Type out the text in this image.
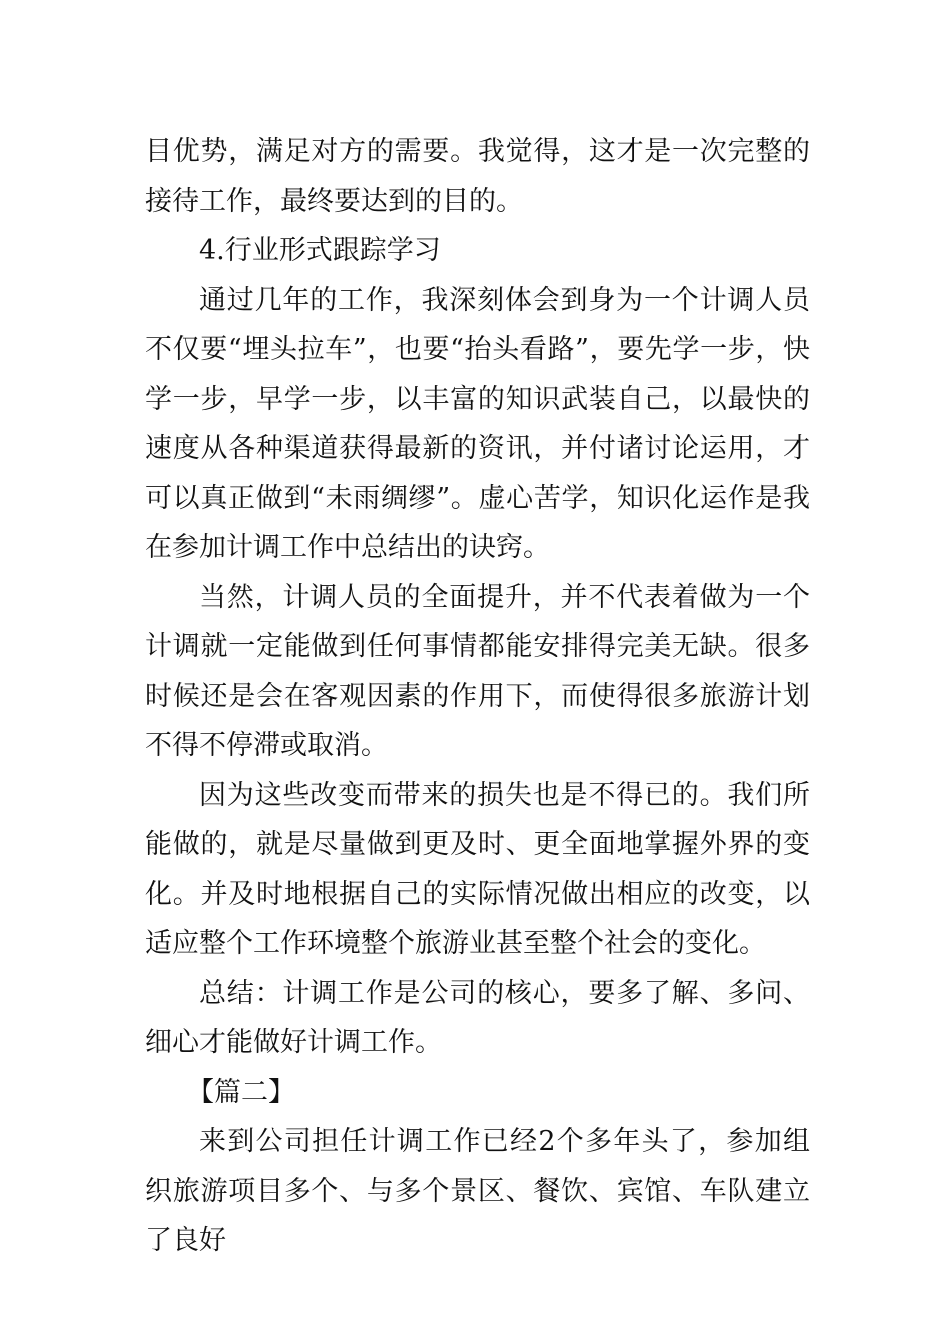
目优势，满足对方的需要。我觉得，这才是一次完整的接待工作，最终要达到的目的。

4.行业形式跟踪学习

通过几年的工作，我深刻体会到身为一个计调人员不仅要“埋头拉车”，也要“抬头看路”，要先学一步，快学一步，早学一步，以丰富的知识武装自己，以最快的速度从各种渠道获得最新的资讯，并付诸讨论运用，才可以真正做到“未雨绸缪”。虚心苦学，知识化运作是我在参加计调工作中总结出的诀窍。

当然，计调人员的全面提升，并不代表着做为一个计调就一定能做到任何事情都能安排得完美无缺。很多时候还是会在客观因素的作用下，而使得很多旅游计划不得不停滞或取消。

因为这些改变而带来的损失也是不得已的。我们所能做的，就是尽量做到更及时、更全面地掌握外界的变化。并及时地根据自己的实际情况做出相应的改变，以适应整个工作环境整个旅游业甚至整个社会的变化。

总结：计调工作是公司的核心，要多了解、多问、细心才能做好计调工作。

【篇二】

来到公司担任计调工作已经2个多年头了，参加组织旅游项目多个、与多个景区、餐饮、宾馆、车队建立了良好
